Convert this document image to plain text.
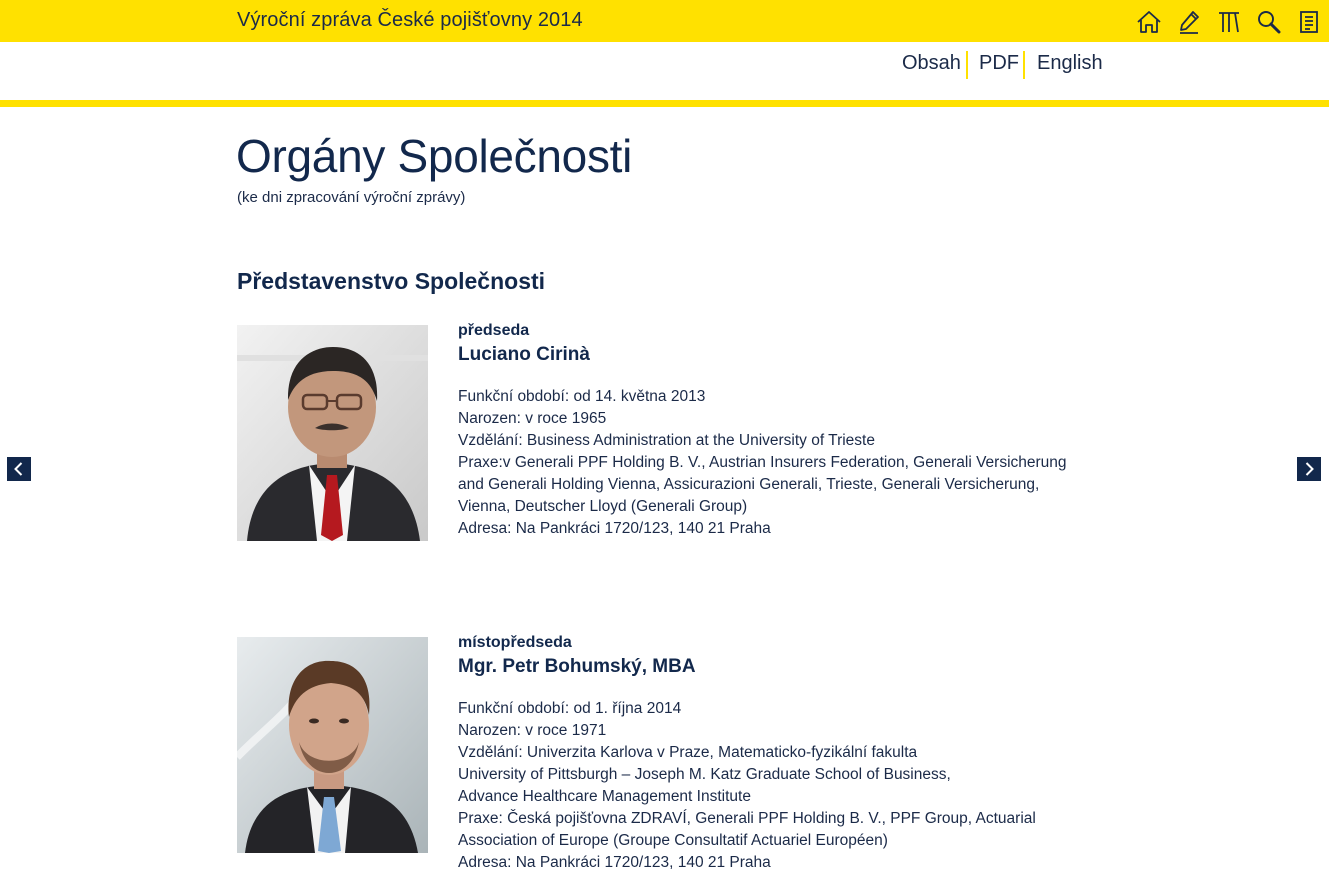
Výroční zpráva České pojišťovny 2014
Obsah PDF English
Orgány Společnosti
(ke dni zpracování výroční zprávy)
Představenstvo Společnosti
předseda
Luciano Cirinà
Funkční období: od 14. května 2013
Narozen: v roce 1965
Vzdělání: Business Administration at the University of Trieste
Praxe:v Generali PPF Holding B. V., Austrian Insurers Federation, Generali Versicherung
and Generali Holding Vienna, Assicurazioni Generali, Trieste, Generali Versicherung,
Vienna, Deutscher Lloyd (Generali Group)
Adresa: Na Pankráci 1720/123, 140 21 Praha
místopředseda
Mgr. Petr Bohumský, MBA
Funkční období: od 1. října 2014
Narozen: v roce 1971
Vzdělání: Univerzita Karlova v Praze, Matematicko-fyzikální fakulta
University of Pittsburgh – Joseph M. Katz Graduate School of Business,
Advance Healthcare Management Institute
Praxe: Česká pojišťovna ZDRAVÍ, Generali PPF Holding B. V., PPF Group, Actuarial
Association of Europe (Groupe Consultatif Actuariel Européen)
Adresa: Na Pankráci 1720/123, 140 21 Praha
